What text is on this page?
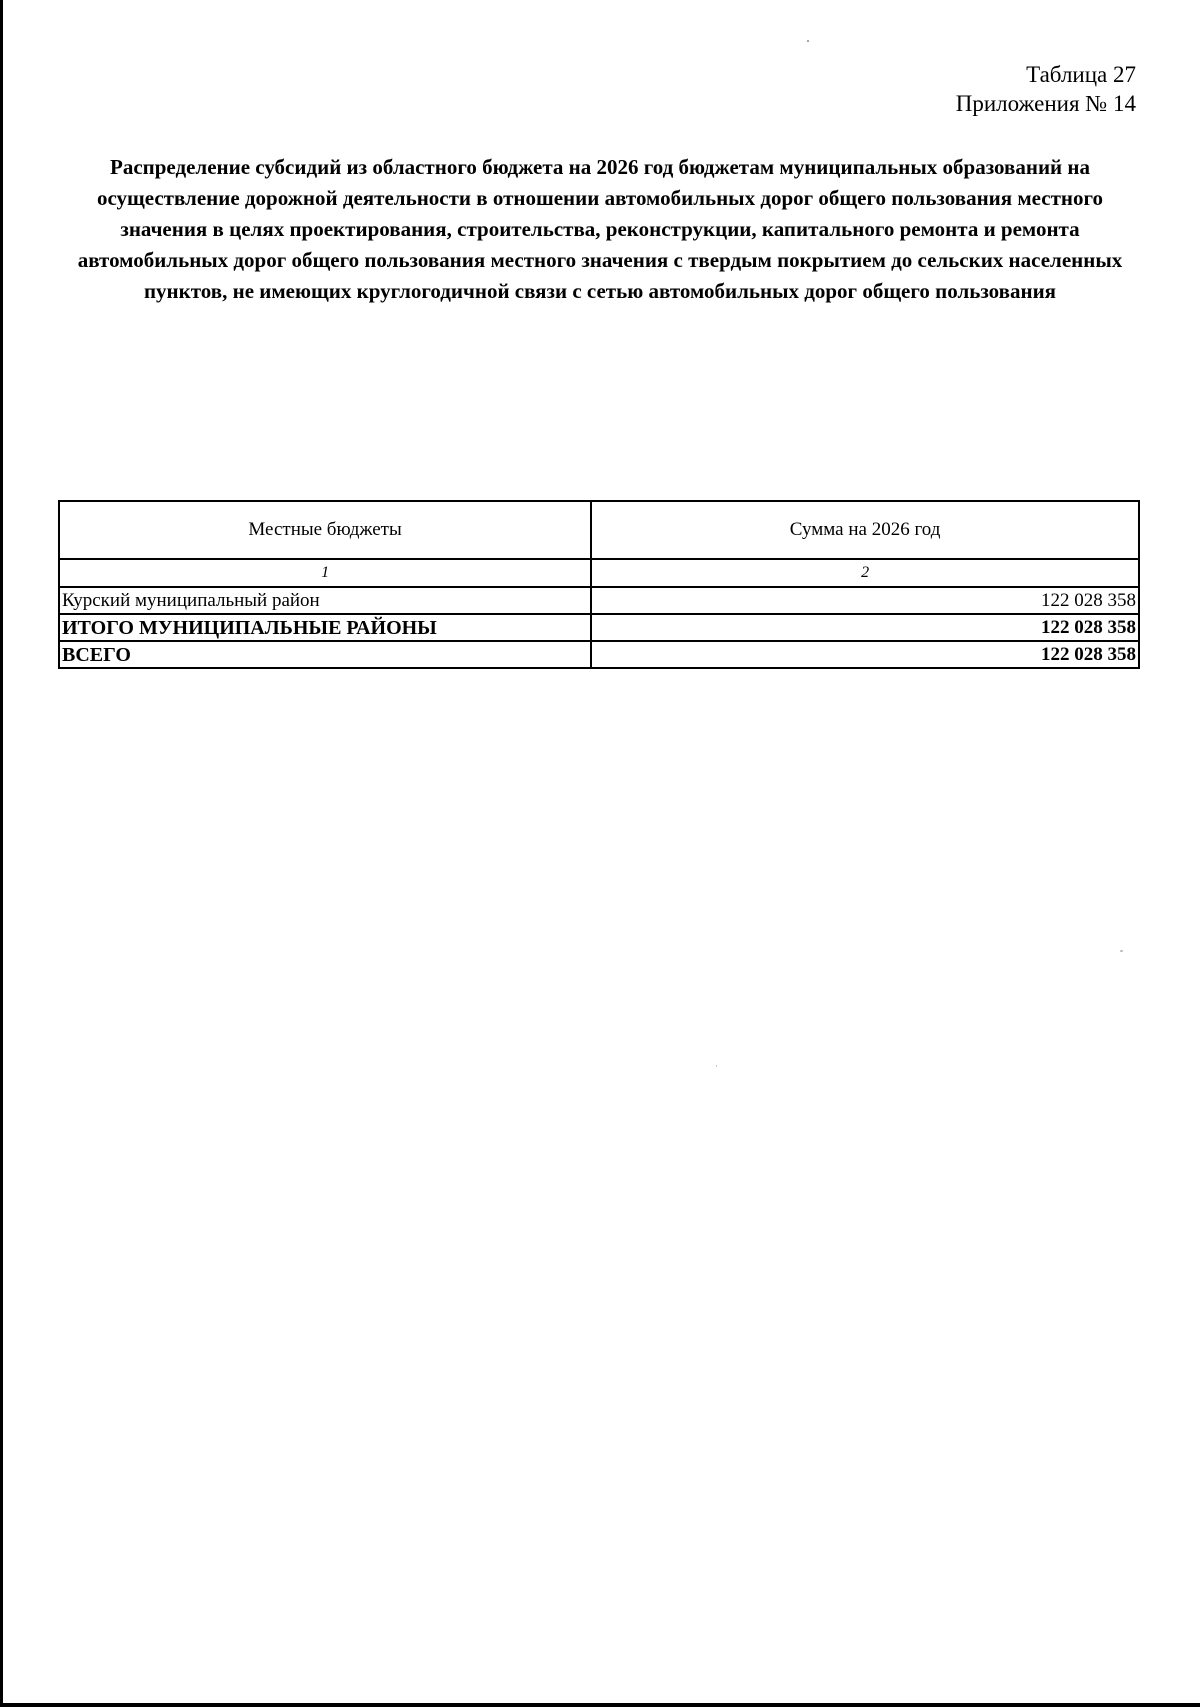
Таблица 27
Приложения № 14
Распределение субсидий из областного бюджета на 2026 год бюджетам муниципальных образований на осуществление дорожной деятельности в отношении автомобильных дорог общего пользования местного значения в целях проектирования, строительства, реконструкции, капитального ремонта и ремонта автомобильных дорог общего пользования местного значения с твердым покрытием до сельских населенных пунктов, не имеющих круглогодичной связи с сетью автомобильных дорог общего пользования
Местные бюджеты	Сумма на 2026 год
1	2
Курский муниципальный район	122 028 358
ИТОГО МУНИЦИПАЛЬНЫЕ РАЙОНЫ	122 028 358
ВСЕГО	122 028 358
